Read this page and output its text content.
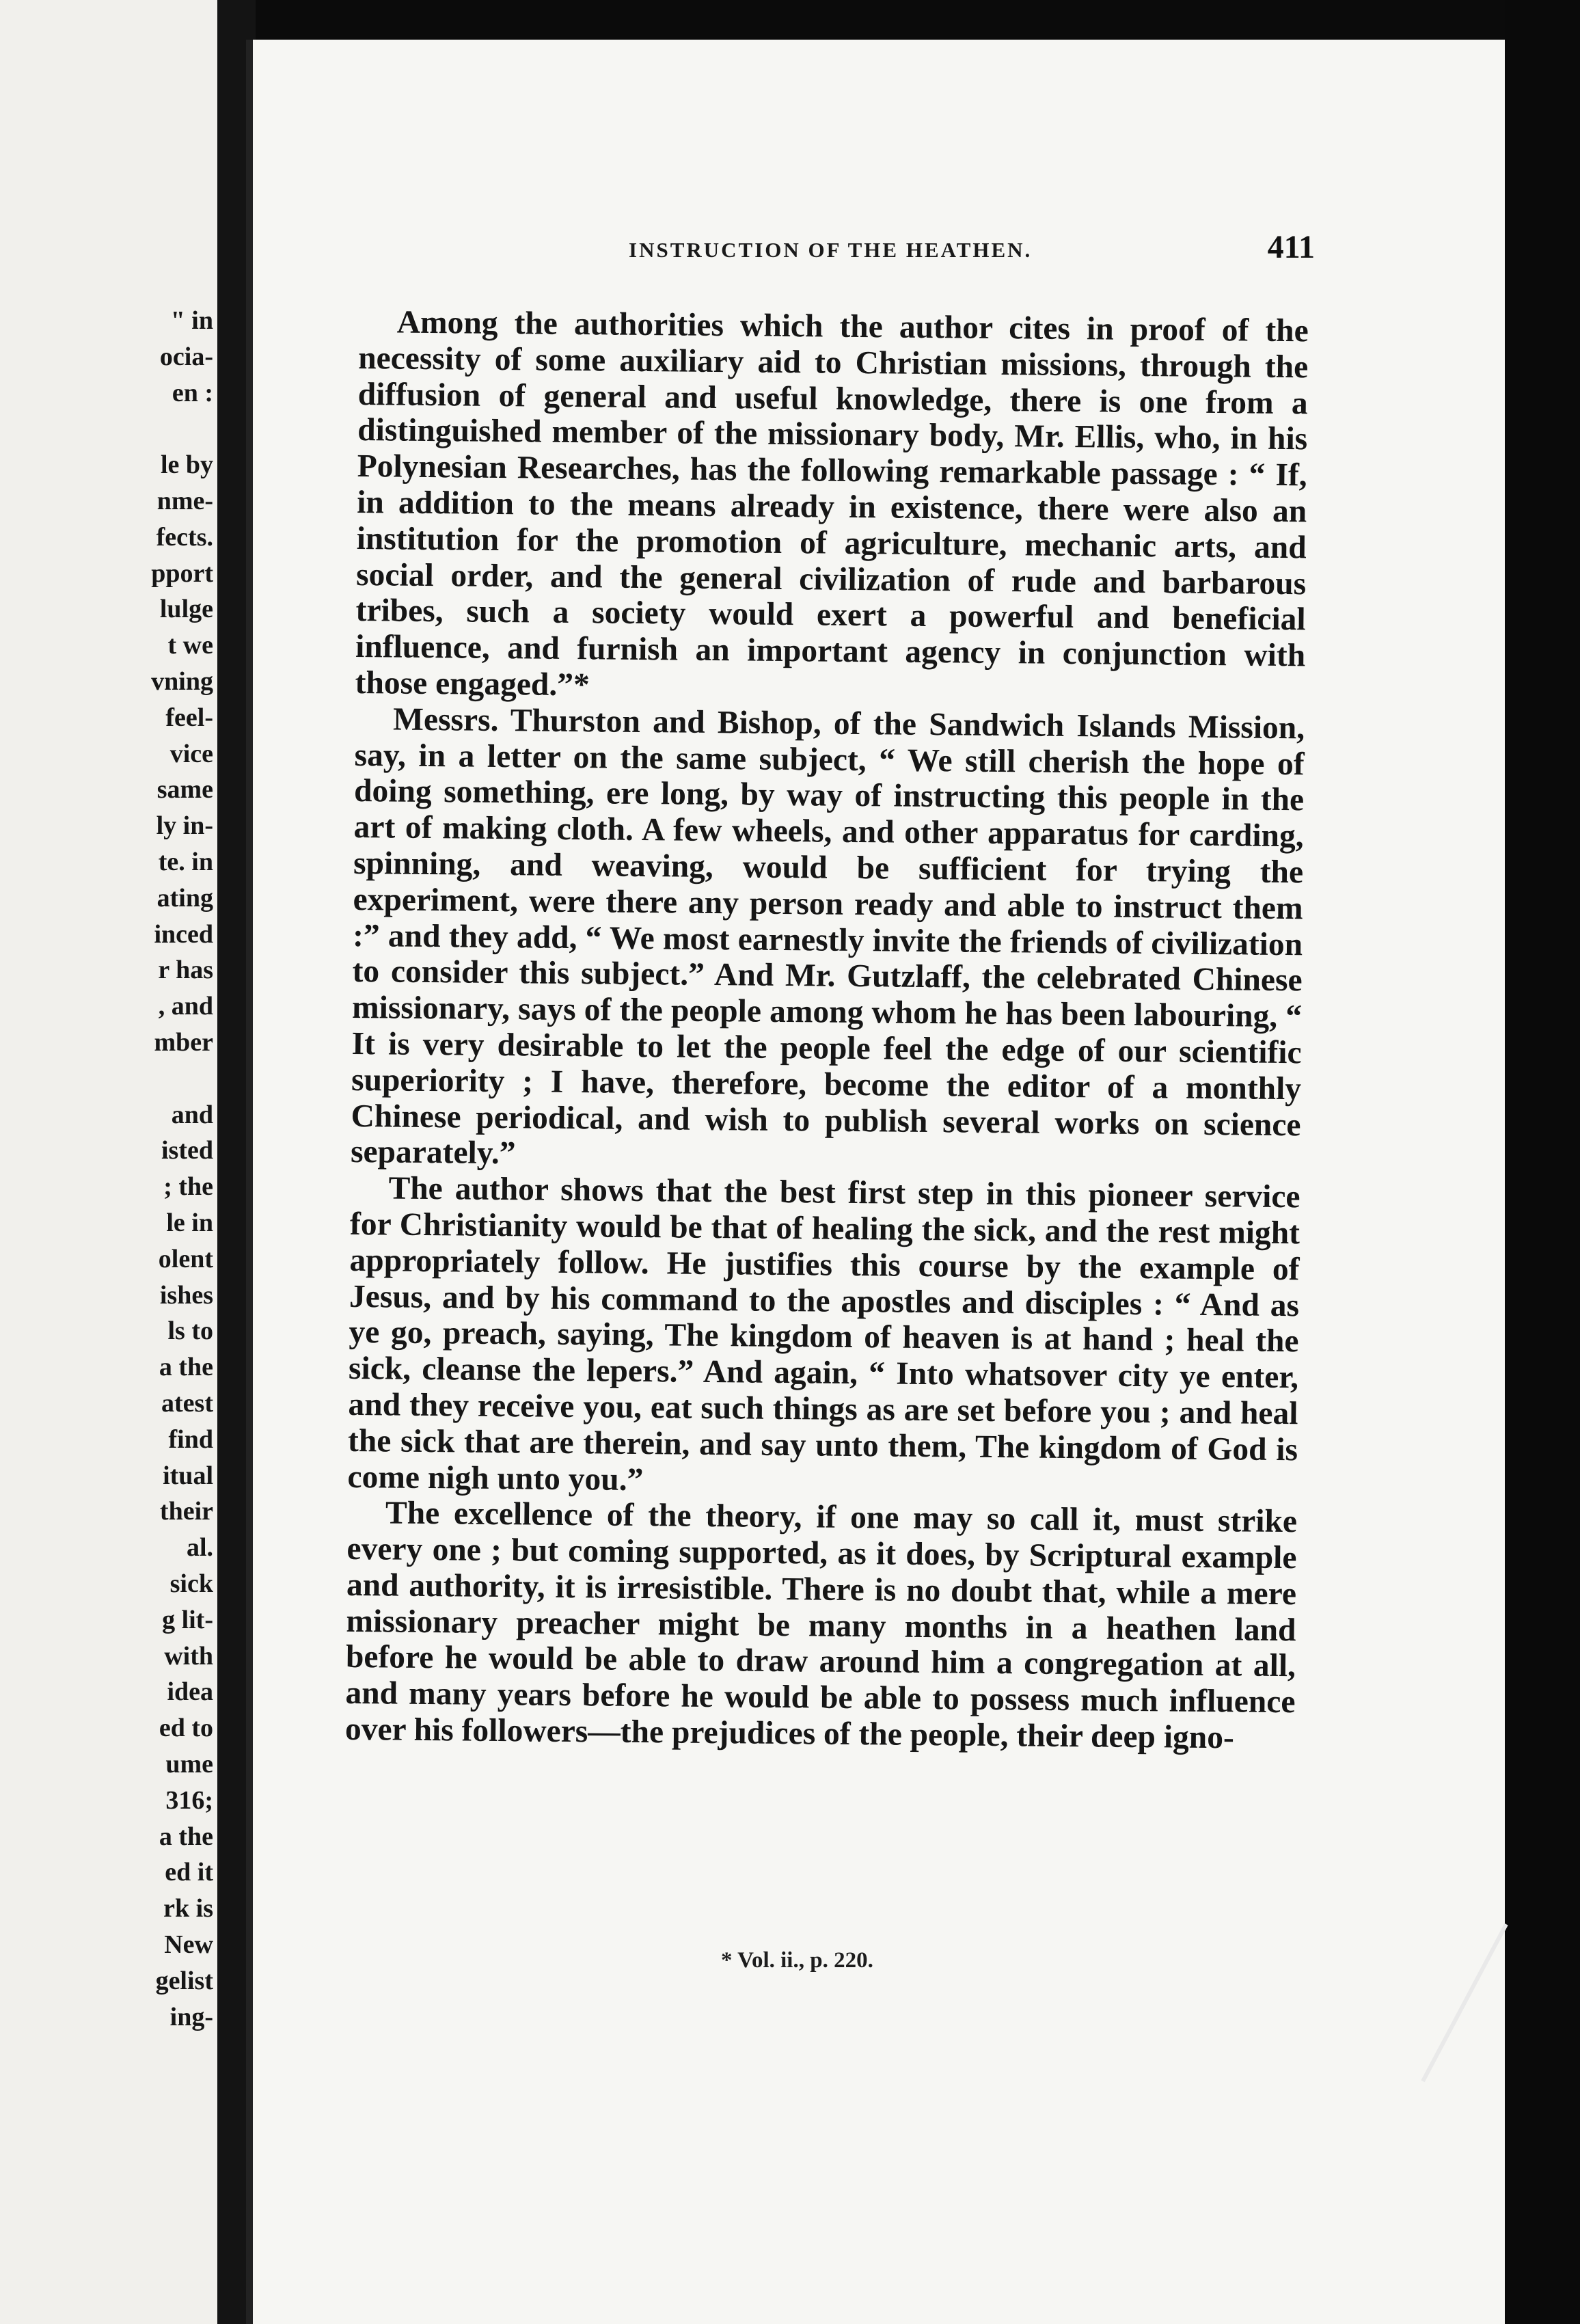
" in
ocia-
en :
le by
nme-
fects.
pport
lulge
t we
vning
feel-
vice
same
ly in-
te. in
ating
inced
r has
, and
mber
and
isted
; the
le in
olent
ishes
ls to
a the
atest
find
itual
their
al.
sick
g lit-
with
idea
ed to
ume
316;
a the
ed it
rk is
New
gelist
ing-
INSTRUCTION OF THE HEATHEN.	411

Among the authorities which the author cites in proof of the necessity of some auxiliary aid to Christian missions, through the diffusion of general and useful knowledge, there is one from a distinguished member of the missionary body, Mr. Ellis, who, in his Polynesian Researches, has the following remarkable passage : “ If, in addition to the means already in existence, there were also an institution for the promotion of agriculture, mechanic arts, and social order, and the general civilization of rude and barbarous tribes, such a society would exert a powerful and beneficial influence, and furnish an important agency in conjunction with those engaged.”*

Messrs. Thurston and Bishop, of the Sandwich Islands Mission, say, in a letter on the same subject, “ We still cherish the hope of doing something, ere long, by way of instructing this people in the art of making cloth. A few wheels, and other apparatus for carding, spinning, and weaving, would be sufficient for trying the experiment, were there any person ready and able to instruct them :” and they add, “ We most earnestly invite the friends of civilization to consider this subject.” And Mr. Gutzlaff, the celebrated Chinese missionary, says of the people among whom he has been labouring, “ It is very desirable to let the people feel the edge of our scientific superiority ; I have, therefore, become the editor of a monthly Chinese periodical, and wish to publish several works on science separately.”

The author shows that the best first step in this pioneer service for Christianity would be that of healing the sick, and the rest might appropriately follow. He justifies this course by the example of Jesus, and by his command to the apostles and disciples : “ And as ye go, preach, saying, The kingdom of heaven is at hand ; heal the sick, cleanse the lepers.” And again, “ Into whatsover city ye enter, and they receive you, eat such things as are set before you ; and heal the sick that are therein, and say unto them, The kingdom of God is come nigh unto you.”

The excellence of the theory, if one may so call it, must strike every one ; but coming supported, as it does, by Scriptural example and authority, it is irresistible. There is no doubt that, while a mere missionary preacher might be many months in a heathen land before he would be able to draw around him a congregation at all, and many years before he would be able to possess much influence over his followers—the prejudices of the people, their deep igno-

* Vol. ii., p. 220.
